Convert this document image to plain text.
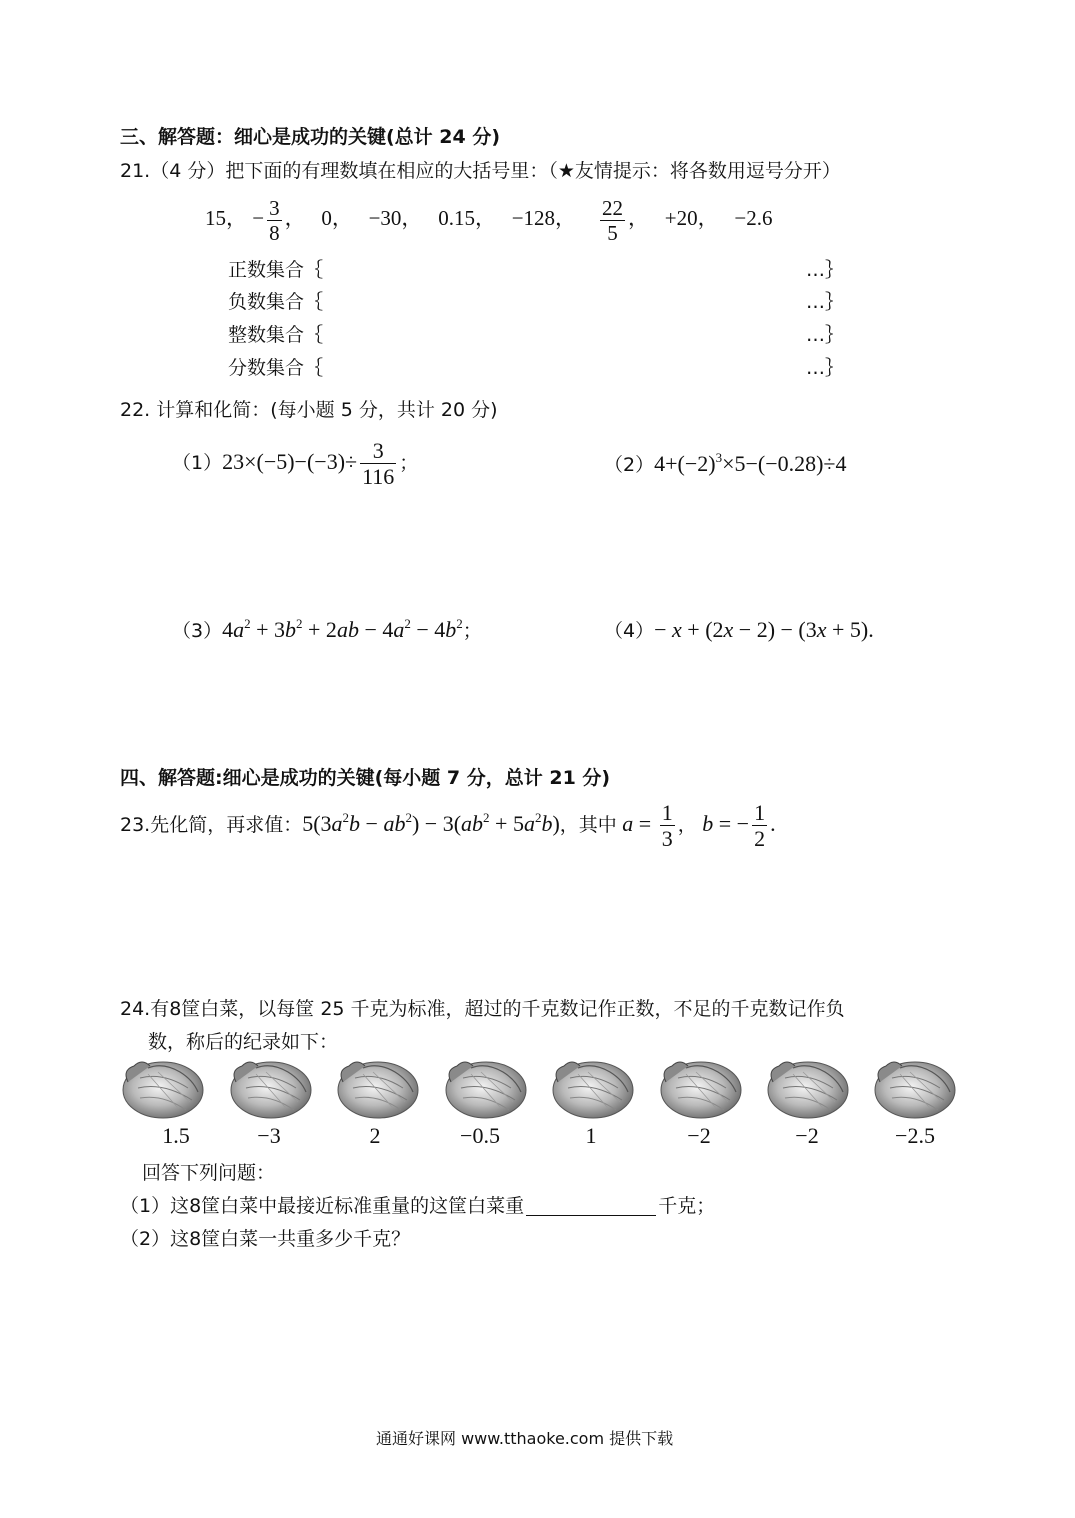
三、解答题：细心是成功的关键(总计 24 分)
21.（4 分）把下面的有理数填在相应的大括号里：（★友情提示：将各数用逗号分开）
15， − $\frac{3}{8}$ ， 0， −30， 0.15， −128， $\frac{22}{5}$ ， +20， −2.6
正数集合｛	…｝
负数集合｛	…｝
整数集合｛	…｝
分数集合｛	…｝
22. 计算和化简：(每小题 5 分，共计 20 分)
$(1)23\times(-5)-(-3)\div \frac{3}{116}$ ；	$(2)4+(-2)^3\times 5-(-0.28)\div 4$
$(3)4a^2 + 3b^2 + 2ab - 4a^2 - 4b^2$；	（4）− x + (2x − 2) − (3x + 5).
四、解答题:细心是成功的关键(每小题 7 分，总计 21 分)
23.先化简，再求值：$5(3a^2b - ab^2) - 3(ab^2 + 5a^2b)$，其中 $a = \frac{1}{3}$ ， b = − $\frac{1}{2}$ .
24.有8筐白菜，以每筐 25 千克为标准，超过的千克数记作正数，不足的千克数记作负
数，称后的纪录如下：
1.5	−3	2	−0.5	1	−2	−2	−2.5
回答下列问题：
（1）这8筐白菜中最接近标准重量的这筐白菜重	千克；
（2）这8筐白菜一共重多少千克？
通通好课网 www.tthaoke.com 提供下载
